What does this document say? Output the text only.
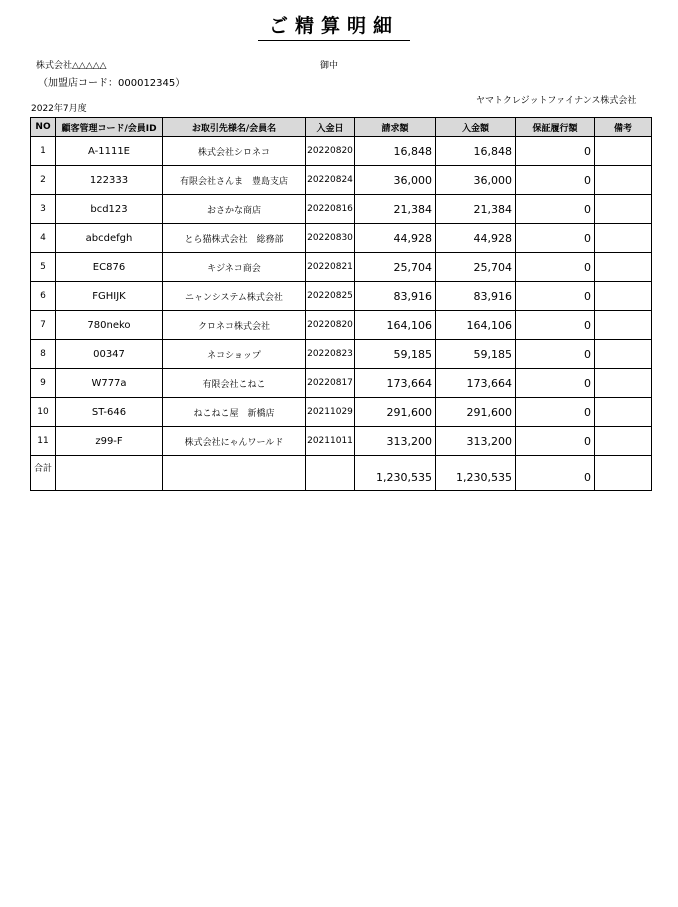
ご精算明細
株式会社△△△△△	御中
（加盟店コード：000012345）
ヤマトクレジットファイナンス株式会社
2022年7月度
NO	顧客管理コード/会員ID	お取引先様名/会員名	入金日	請求額	入金額	保証履行額	備考
1	A-1111E	株式会社シロネコ	20220820	16,848	16,848	0	
2	122333	有限会社さんま　豊島支店	20220824	36,000	36,000	0	
3	bcd123	おさかな商店	20220816	21,384	21,384	0	
4	abcdefgh	とら猫株式会社　総務部	20220830	44,928	44,928	0	
5	EC876	キジネコ商会	20220821	25,704	25,704	0	
6	FGHIJK	ニャンシステム株式会社	20220825	83,916	83,916	0	
7	780neko	クロネコ株式会社	20220820	164,106	164,106	0	
8	00347	ネコショップ	20220823	59,185	59,185	0	
9	W777a	有限会社こねこ	20220817	173,664	173,664	0	
10	ST-646	ねこねこ屋　新橋店	20211029	291,600	291,600	0	
11	z99-F	株式会社にゃんワールド	20211011	313,200	313,200	0	
合計				1,230,535	1,230,535	0	
